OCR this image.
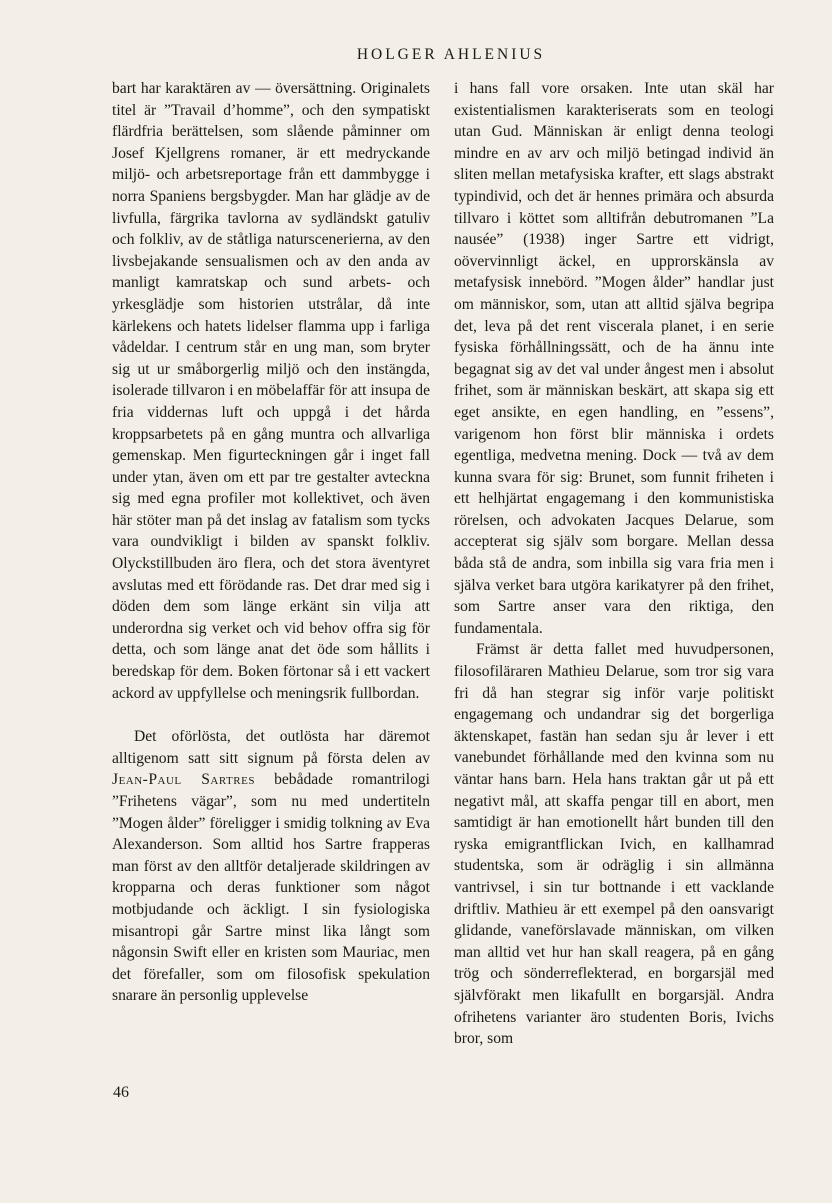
HOLGER AHLENIUS

bart har karaktären av — översättning. Originalets titel är ”Travail d’homme”, och den sympatiskt flärdfria berättelsen, som slående påminner om Josef Kjellgrens romaner, är ett medryckande miljö- och arbetsreportage från ett dammbygge i norra Spaniens bergsbygder. Man har glädje av de livfulla, färgrika tavlorna av sydländskt gatuliv och folkliv, av de ståtliga naturscenerierna, av den livsbejakande sensualismen och av den anda av manligt kamratskap och sund arbets- och yrkesglädje som historien utstrålar, då inte kärlekens och hatets lidelser flamma upp i farliga vådeldar. I centrum står en ung man, som bryter sig ut ur småborgerlig miljö och den instängda, isolerade tillvaron i en möbelaffär för att insupa de fria viddernas luft och uppgå i det hårda kroppsarbetets på en gång muntra och allvarliga gemenskap. Men figurteckningen går i inget fall under ytan, även om ett par tre gestalter avteckna sig med egna profiler mot kollektivet, och även här stöter man på det inslag av fatalism som tycks vara oundvikligt i bilden av spanskt folkliv. Olyckstillbuden äro flera, och det stora äventyret avslutas med ett förödande ras. Det drar med sig i döden dem som länge erkänt sin vilja att underordna sig verket och vid behov offra sig för detta, och som länge anat det öde som hållits i beredskap för dem. Boken förtonar så i ett vackert ackord av uppfyllelse och meningsrik fullbordan.

Det oförlösta, det outlösta har däremot alltigenom satt sitt signum på första delen av Jean-Paul Sartres bebådade romantrilogi ”Frihetens vägar”, som nu med undertiteln ”Mogen ålder” föreligger i smidig tolkning av Eva Alexanderson. Som alltid hos Sartre frapperas man först av den alltför detaljerade skildringen av kropparna och deras funktioner som något motbjudande och äckligt. I sin fysiologiska misantropi går Sartre minst lika långt som någonsin Swift eller en kristen som Mauriac, men det förefaller, som om filosofisk spekulation snarare än personlig upplevelse

i hans fall vore orsaken. Inte utan skäl har existentialismen karakteriserats som en teologi utan Gud. Människan är enligt denna teologi mindre en av arv och miljö betingad individ än sliten mellan metafysiska krafter, ett slags abstrakt typindivid, och det är hennes primära och absurda tillvaro i köttet som alltifrån debutromanen ”La nausée” (1938) inger Sartre ett vidrigt, oövervinnligt äckel, en upprorskänsla av metafysisk innebörd. ”Mogen ålder” handlar just om människor, som, utan att alltid själva begripa det, leva på det rent viscerala planet, i en serie fysiska förhållningssätt, och de ha ännu inte begagnat sig av det val under ångest men i absolut frihet, som är människan beskärt, att skapa sig ett eget ansikte, en egen handling, en ”essens”, varigenom hon först blir människa i ordets egentliga, medvetna mening. Dock — två av dem kunna svara för sig: Brunet, som funnit friheten i ett helhjärtat engagemang i den kommunistiska rörelsen, och advokaten Jacques Delarue, som accepterat sig själv som borgare. Mellan dessa båda stå de andra, som inbilla sig vara fria men i själva verket bara utgöra karikatyrer på den frihet, som Sartre anser vara den riktiga, den fundamentala.

Främst är detta fallet med huvudpersonen, filosofiläraren Mathieu Delarue, som tror sig vara fri då han stegrar sig inför varje politiskt engagemang och undandrar sig det borgerliga äktenskapet, fastän han sedan sju år lever i ett vanebundet förhållande med den kvinna som nu väntar hans barn. Hela hans traktan går ut på ett negativt mål, att skaffa pengar till en abort, men samtidigt är han emotionellt hårt bunden till den ryska emigrantflickan Ivich, en kallhamrad studentska, som är odräglig i sin allmänna vantrivsel, i sin tur bottnande i ett vacklande driftliv. Mathieu är ett exempel på den oansvarigt glidande, vaneförslavade människan, om vilken man alltid vet hur han skall reagera, på en gång trög och sönderreflekterad, en borgarsjäl med självförakt men likafullt en borgarsjäl. Andra ofrihetens varianter äro studenten Boris, Ivichs bror, som

46
